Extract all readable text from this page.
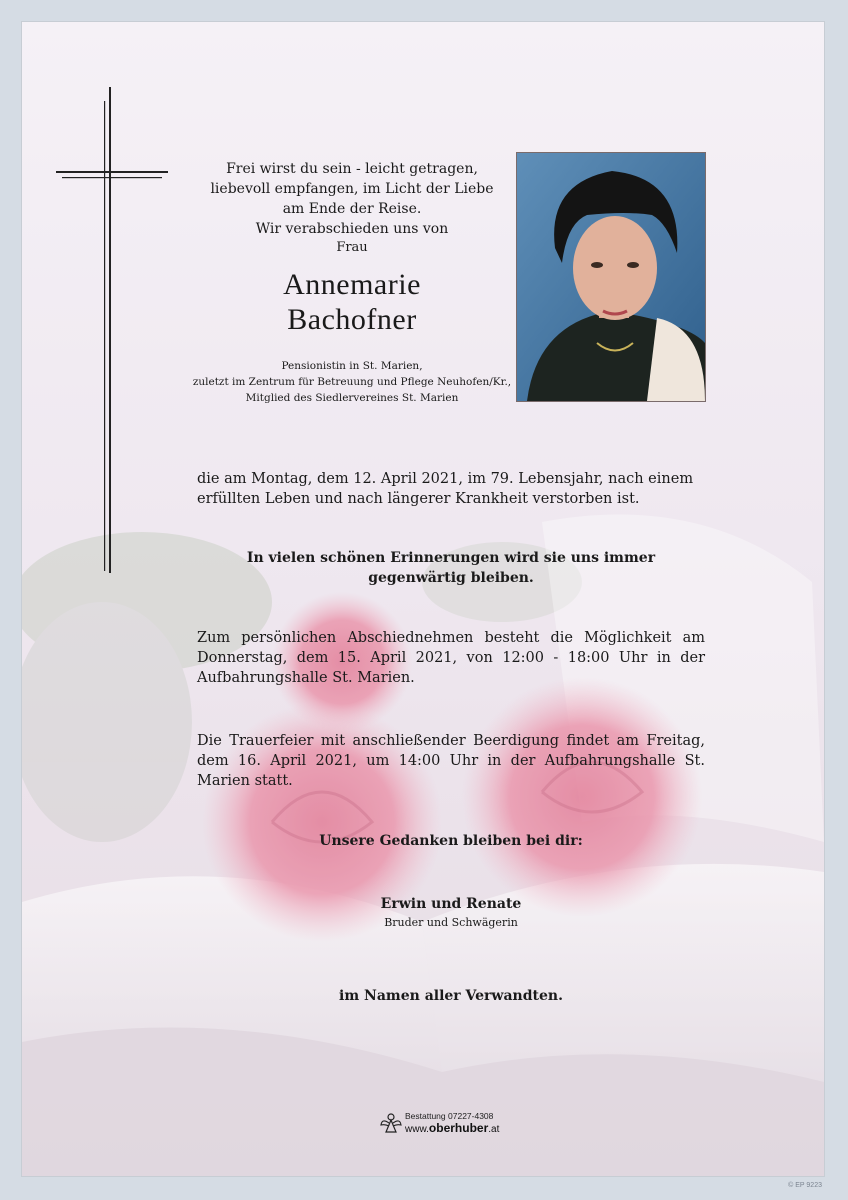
Frei wirst du sein - leicht getragen,
liebevoll empfangen, im Licht der Liebe
am Ende der Reise.
Wir verabschieden uns von
Frau
Annemarie
Bachofner
Pensionistin in St. Marien,
zuletzt im Zentrum für Betreuung und Pflege Neuhofen/Kr.,
Mitglied des Siedlervereines St. Marien
die am Montag, dem 12. April 2021, im 79. Lebensjahr, nach einem erfüllten Leben und nach längerer Krankheit verstorben ist.
In vielen schönen Erinnerungen wird sie uns immer
gegenwärtig bleiben.
Zum persönlichen Abschiednehmen besteht die Möglichkeit am Donnerstag, dem 15. April 2021, von 12:00 - 18:00 Uhr in der Aufbahrungshalle St. Marien.
Die Trauerfeier mit anschließender Beerdigung findet am Freitag, dem 16. April 2021, um 14:00 Uhr in der Aufbahrungshalle St. Marien statt.
Unsere Gedanken bleiben bei dir:
Erwin und Renate
Bruder und Schwägerin
im Namen aller Verwandten.
Bestattung 07227-4308
www.oberhuber.at
© EP 9223
